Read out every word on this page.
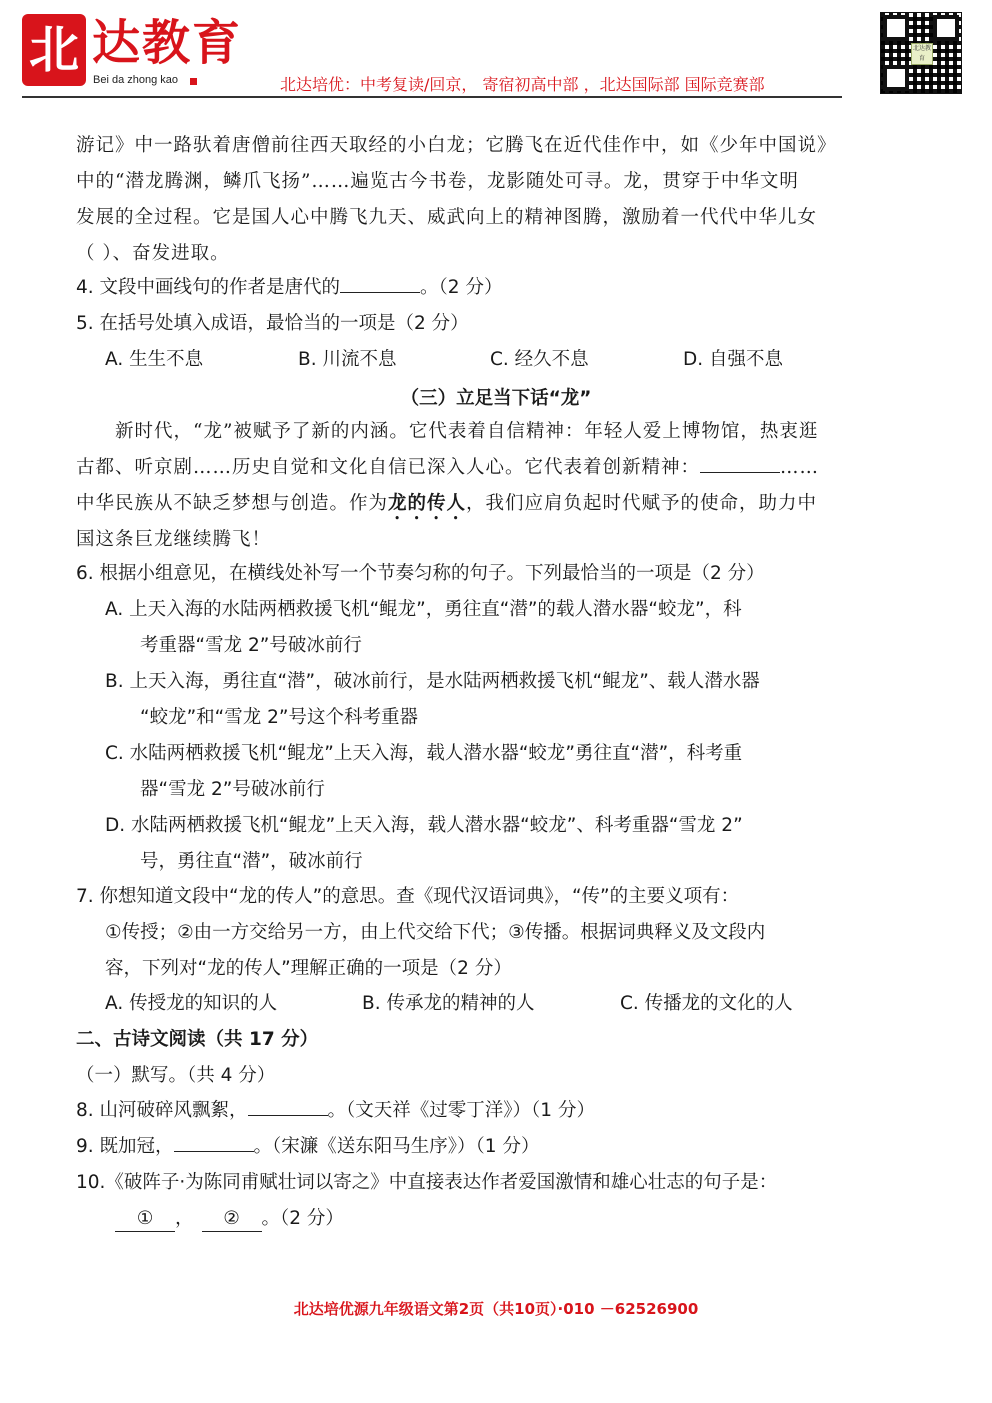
北 达教育
Bei da zhong kao	北达培优：中考复读/回京， 寄宿初高中部 ，北达国际部 国际竞赛部
北达教育
游记》中一路驮着唐僧前往西天取经的小白龙；它腾飞在近代佳作中，如《少年中国说》
中的“潜龙腾渊，鳞爪飞扬”……遍览古今书卷，龙影随处可寻。龙，贯穿于中华文明
发展的全过程。它是国人心中腾飞九天、威武向上的精神图腾，激励着一代代中华儿女
（ ）、奋发进取。
4. 文段中画线句的作者是唐代的	。（2 分）
5. 在括号处填入成语，最恰当的一项是（2 分）
A. 生生不息	B. 川流不息	C. 经久不息	D. 自强不息
（三）立足当下话“龙”
新时代，“龙”被赋予了新的内涵。它代表着自信精神：年轻人爱上博物馆，热衷逛
古都、听京剧……历史自觉和文化自信已深入人心。它代表着创新精神：	……
中华民族从不缺乏梦想与创造。作为龙的传人，我们应肩负起时代赋予的使命，助力中
国这条巨龙继续腾飞！
6. 根据小组意见，在横线处补写一个节奏匀称的句子。下列最恰当的一项是（2 分）
A. 上天入海的水陆两栖救援飞机“鲲龙”，勇往直“潜”的载人潜水器“蛟龙”，科
考重器“雪龙 2”号破冰前行
B. 上天入海，勇往直“潜”，破冰前行，是水陆两栖救援飞机“鲲龙”、载人潜水器
“蛟龙”和“雪龙 2”号这个科考重器
C. 水陆两栖救援飞机“鲲龙”上天入海，载人潜水器“蛟龙”勇往直“潜”，科考重
器“雪龙 2”号破冰前行
D. 水陆两栖救援飞机“鲲龙”上天入海，载人潜水器“蛟龙”、科考重器“雪龙 2”
号，勇往直“潜”，破冰前行
7. 你想知道文段中“龙的传人”的意思。查《现代汉语词典》，“传”的主要义项有：
①传授；②由一方交给另一方，由上代交给下代；③传播。根据词典释义及文段内
容，下列对“龙的传人”理解正确的一项是（2 分）
A. 传授龙的知识的人	B. 传承龙的精神的人	C. 传播龙的文化的人
二、古诗文阅读（共 17 分）
（一）默写。（共 4 分）
8. 山河破碎风飘絮，	。（文天祥《过零丁洋》）（1 分）
9. 既加冠，	。（宋濂《送东阳马生序》）（1 分）
10.《破阵子·为陈同甫赋壮词以寄之》中直接表达作者爱国激情和雄心壮志的句子是：
① ， ② 。（2 分）
北达培优源九年级语文第2页（共10页）·010 －62526900
